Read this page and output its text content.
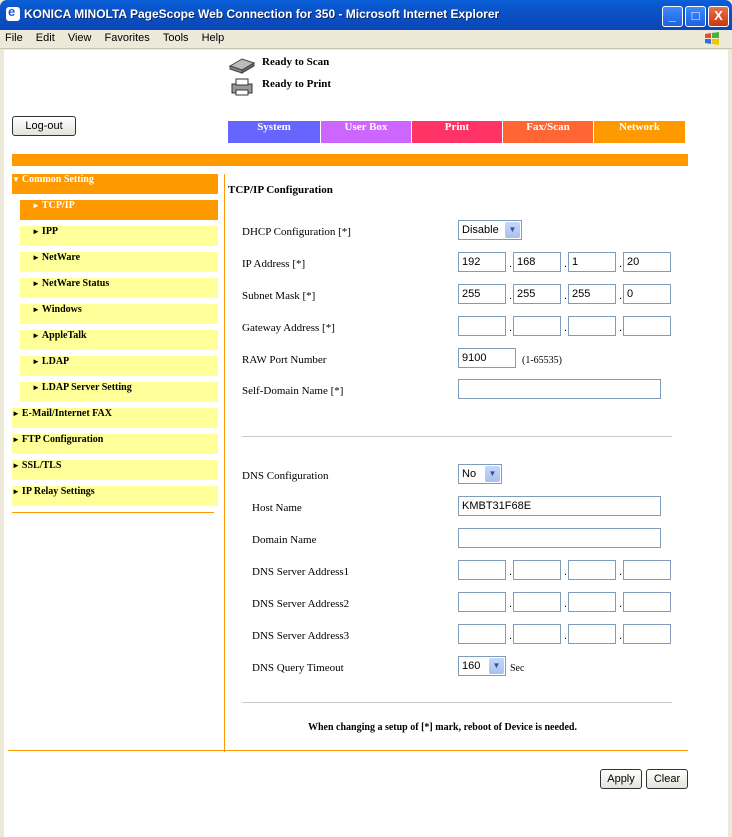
e
KONICA MINOLTA PageScope Web Connection for 350 - Microsoft Internet Explorer	_	□	X
File Edit View Favorites Tools Help
Ready to Scan
Ready to Print
Log-out	System	User Box	Print	Fax/Scan	Network
▼ Common Setting
► TCP/IP
► IPP
► NetWare
► NetWare Status
► Windows
► AppleTalk
► LDAP
► LDAP Server Setting
► E-Mail/Internet FAX
► FTP Configuration
► SSL/TLS
► IP Relay Settings
TCP/IP Configuration
DHCP Configuration [*]	Disable	▼
IP Address [*]	192	. 168	. 1	. 20
Subnet Mask [*]	255	. 255	. 255	. 0
Gateway Address [*]	.	.	.
RAW Port Number	9100	(1-65535)
Self-Domain Name [*]
DNS Configuration	No	▼
Host Name	KMBT31F68E
Domain Name
DNS Server Address1	.	.	.
DNS Server Address2	.	.	.
DNS Server Address3	.	.	.
DNS Query Timeout	160	▼ Sec
When changing a setup of [*] mark, reboot of Device is needed.
Apply	Clear
